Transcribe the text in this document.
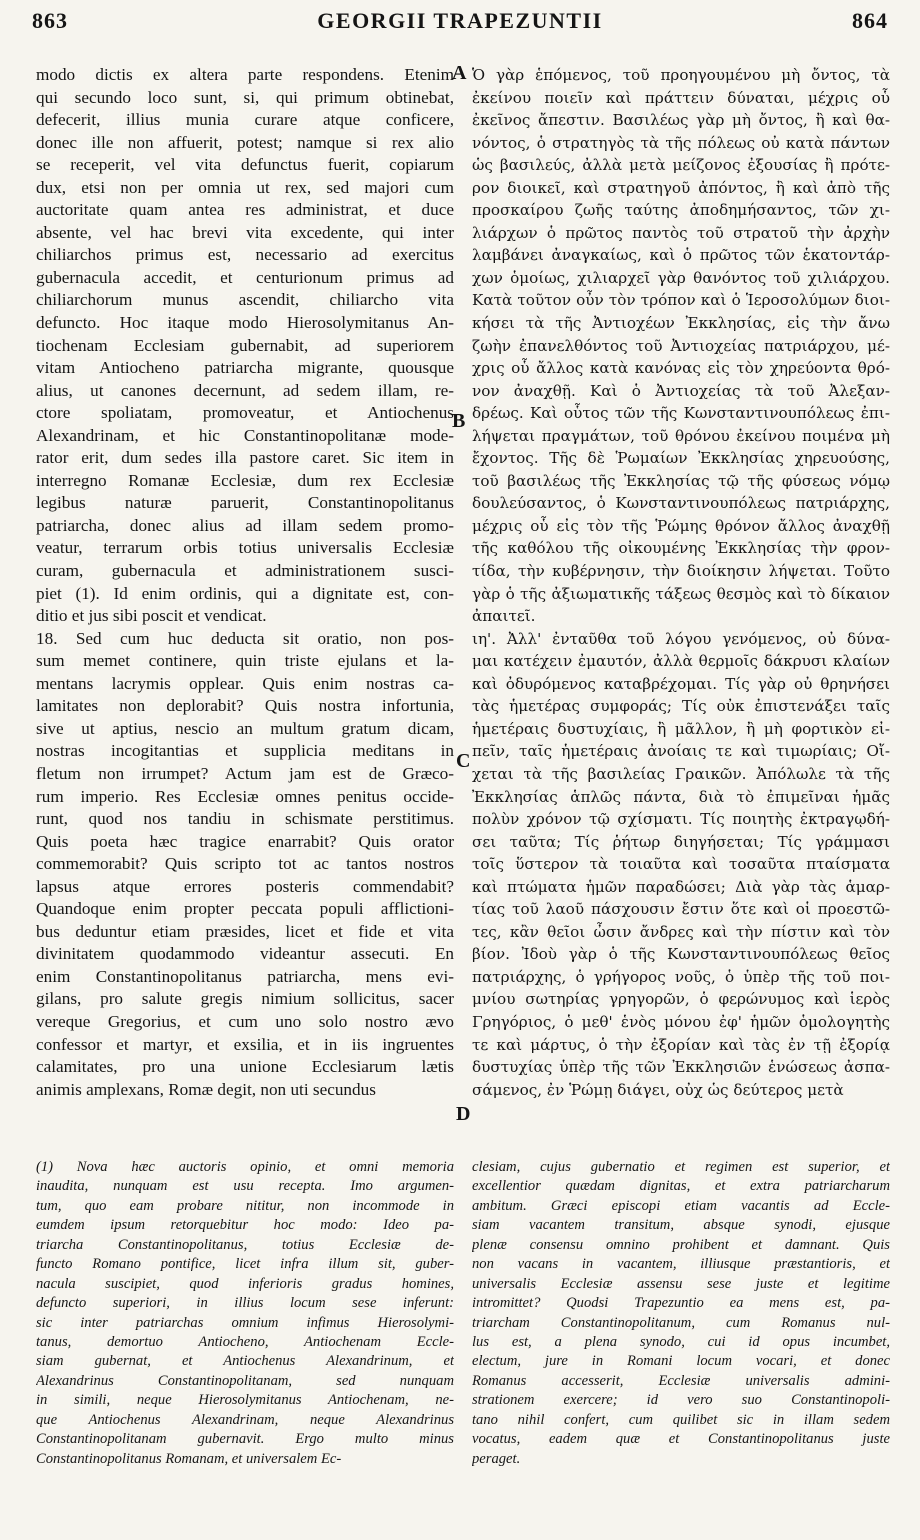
863	GEORGII TRAPEZUNTII	864
modo dictis ex altera parte respondens. Etenim
qui secundo loco sunt, si, qui primum obtinebat,
defecerit, illius munia curare atque conficere,
donec ille non affuerit, potest; namque si rex alio
se receperit, vel vita defunctus fuerit, copiarum
dux, etsi non per omnia ut rex, sed majori cum
auctoritate quam antea res administrat, et duce
absente, vel hac brevi vita excedente, qui inter
chiliarchos primus est, necessario ad exercitus
gubernacula accedit, et centurionum primus ad
chiliarchorum munus ascendit, chiliarcho vita
defuncto. Hoc itaque modo Hierosolymitanus An-
tiochenam Ecclesiam gubernabit, ad superiorem
vitam Antiocheno patriarcha migrante, quousque
alius, ut canones decernunt, ad sedem illam, re-
ctore spoliatam, promoveatur, et Antiochenus
Alexandrinam, et hic Constantinopolitanæ mode-
rator erit, dum sedes illa pastore caret. Sic item in
interregno Romanæ Ecclesiæ, dum rex Ecclesiæ
legibus naturæ paruerit, Constantinopolitanus
patriarcha, donec alius ad illam sedem promo-
veatur, terrarum orbis totius universalis Ecclesiæ
curam, gubernacula et administrationem susci-
piet (1). Id enim ordinis, qui a dignitate est, con-
ditio et jus sibi poscit et vendicat.
18. Sed cum huc deducta sit oratio, non pos-
sum memet continere, quin triste ejulans et la-
mentans lacrymis opplear. Quis enim nostras ca-
lamitates non deplorabit? Quis nostra infortunia,
sive ut aptius, nescio an multum gratum dicam,
nostras incogitantias et supplicia meditans in
fletum non irrumpet? Actum jam est de Græco-
rum imperio. Res Ecclesiæ omnes penitus occide-
runt, quod nos tandiu in schismate perstitimus.
Quis poeta hæc tragice enarrabit? Quis orator
commemorabit? Quis scripto tot ac tantos nostros
lapsus atque errores posteris commendabit?
Quandoque enim propter peccata populi afflictioni-
bus deduntur etiam præsides, licet et fide et vita
divinitatem quodammodo videantur assecuti. En
enim Constantinopolitanus patriarcha, mens evi-
gilans, pro salute gregis nimium sollicitus, sacer
vereque Gregorius, et cum uno solo nostro ævo
confessor et martyr, et exsilia, et in iis ingruentes
calamitates, pro una unione Ecclesiarum lætis
animis amplexans, Romæ degit, non uti secundus
Ὁ γὰρ ἑπόμενος, τοῦ προηγουμένου μὴ ὄντος, τὰ
ἐκείνου ποιεῖν καὶ πράττειν δύναται, μέχρις οὗ
ἐκεῖνος ἄπεστιν. Βασιλέως γὰρ μὴ ὄντος, ἢ καὶ θα-
νόντος, ὁ στρατηγὸς τὰ τῆς πόλεως οὐ κατὰ πάντων
ὡς βασιλεύς, ἀλλὰ μετὰ μείζονος ἐξουσίας ἢ πρότε-
ρον διοικεῖ, καὶ στρατηγοῦ ἀπόντος, ἢ καὶ ἀπὸ τῆς
προσκαίρου ζωῆς ταύτης ἀποδημήσαντος, τῶν χι-
λιάρχων ὁ πρῶτος παντὸς τοῦ στρατοῦ τὴν ἀρχὴν
λαμβάνει ἀναγκαίως, καὶ ὁ πρῶτος τῶν ἑκατοντάρ-
χων ὁμοίως, χιλιαρχεῖ γὰρ θανόντος τοῦ χιλιάρχου.
Κατὰ τοῦτον οὖν τὸν τρόπον καὶ ὁ Ἱεροσολύμων διοι-
κήσει τὰ τῆς Ἀντιοχέων Ἐκκλησίας, εἰς τὴν ἄνω
ζωὴν ἐπανελθόντος τοῦ Ἀντιοχείας πατριάρχου, μέ-
χρις οὗ ἄλλος κατὰ κανόνας εἰς τὸν χηρεύοντα θρό-
νον ἀναχθῇ. Καὶ ὁ Ἀντιοχείας τὰ τοῦ Ἀλεξαν-
δρέως. Καὶ οὗτος τῶν τῆς Κωνσταντινουπόλεως ἐπι-
λήψεται πραγμάτων, τοῦ θρόνου ἐκείνου ποιμένα μὴ
ἔχοντος. Τῆς δὲ Ῥωμαίων Ἐκκλησίας χηρευούσης,
τοῦ βασιλέως τῆς Ἐκκλησίας τῷ τῆς φύσεως νόμῳ
δουλεύσαντος, ὁ Κωνσταντινουπόλεως πατριάρχης,
μέχρις οὗ εἰς τὸν τῆς Ῥώμης θρόνον ἄλλος ἀναχθῇ
τῆς καθόλου τῆς οἰκουμένης Ἐκκλησίας τὴν φρον-
τίδα, τὴν κυβέρνησιν, τὴν διοίκησιν λήψεται. Τοῦτο
γὰρ ὁ τῆς ἀξιωματικῆς τάξεως θεσμὸς καὶ τὸ δίκαιον
ἀπαιτεῖ.
ιη'. Ἀλλ' ἐνταῦθα τοῦ λόγου γενόμενος, οὐ δύνα-
μαι κατέχειν ἐμαυτόν, ἀλλὰ θερμοῖς δάκρυσι κλαίων
καὶ ὀδυρόμενος καταβρέχομαι. Τίς γὰρ οὐ θρηνήσει
τὰς ἡμετέρας συμφοράς; Τίς οὐκ ἐπιστενάξει ταῖς
ἡμετέραις δυστυχίαις, ἢ μᾶλλον, ἢ μὴ φορτικὸν εἰ-
πεῖν, ταῖς ἡμετέραις ἀνοίαις τε καὶ τιμωρίαις; Οἴ-
χεται τὰ τῆς βασιλείας Γραικῶν. Ἀπόλωλε τὰ τῆς
Ἐκκλησίας ἁπλῶς πάντα, διὰ τὸ ἐπιμεῖναι ἡμᾶς
πολὺν χρόνον τῷ σχίσματι. Τίς ποιητὴς ἐκτραγῳδή-
σει ταῦτα; Τίς ῥήτωρ διηγήσεται; Τίς γράμμασι
τοῖς ὕστερον τὰ τοιαῦτα καὶ τοσαῦτα πταίσματα
καὶ πτώματα ἡμῶν παραδώσει; Διὰ γὰρ τὰς ἁμαρ-
τίας τοῦ λαοῦ πάσχουσιν ἔστιν ὅτε καὶ οἱ προεστῶ-
τες, κἂν θεῖοι ὦσιν ἄνδρες καὶ τὴν πίστιν καὶ τὸν
βίον. Ἰδοὺ γὰρ ὁ τῆς Κωνσταντινουπόλεως θεῖος
πατριάρχης, ὁ γρήγορος νοῦς, ὁ ὑπὲρ τῆς τοῦ ποι-
μνίου σωτηρίας γρηγορῶν, ὁ φερώνυμος καὶ ἱερὸς
Γρηγόριος, ὁ μεθ' ἑνὸς μόνου ἐφ' ἡμῶν ὁμολογητὴς
τε καὶ μάρτυς, ὁ τὴν ἐξορίαν καὶ τὰς ἐν τῇ ἐξορίᾳ
δυστυχίας ὑπὲρ τῆς τῶν Ἐκκλησιῶν ἑνώσεως ἀσπα-
σάμενος, ἐν Ῥώμῃ διάγει, οὐχ ὡς δεύτερος μετὰ
A
B
C
D
(1) Nova hæc auctoris opinio, et omni memoria
inaudita, nunquam est usu recepta. Imo argumen-
tum, quo eam probare nititur, non incommode in
eumdem ipsum retorquebitur hoc modo: Ideo pa-
triarcha Constantinopolitanus, totius Ecclesiæ de-
functo Romano pontifice, licet infra illum sit, guber-
nacula suscipiet, quod inferioris gradus homines,
defuncto superiori, in illius locum sese inferunt:
sic inter patriarchas omnium infimus Hierosolymi-
tanus, demortuo Antiocheno, Antiochenam Eccle-
siam gubernat, et Antiochenus Alexandrinum, et
Alexandrinus Constantinopolitanam, sed nunquam
in simili, neque Hierosolymitanus Antiochenam, ne-
que Antiochenus Alexandrinam, neque Alexandrinus
Constantinopolitanam gubernavit. Ergo multo minus
Constantinopolitanus Romanam, et universalem Ec-
clesiam, cujus gubernatio et regimen est superior, et
excellentior quædam dignitas, et extra patriarcharum
ambitum. Græci episcopi etiam vacantis ad Eccle-
siam vacantem transitum, absque synodi, ejusque
plenæ consensu omnino prohibent et damnant. Quis
non vacans in vacantem, illiusque præstantioris, et
universalis Ecclesiæ assensu sese juste et legitime
intromittet? Quodsi Trapezuntio ea mens est, pa-
triarcham Constantinopolitanum, cum Romanus nul-
lus est, a plena synodo, cui id opus incumbet,
electum, jure in Romani locum vocari, et donec
Romanus accesserit, Ecclesiæ universalis admini-
strationem exercere; id vero suo Constantinopoli-
tano nihil confert, cum quilibet sic in illam sedem
vocatus, eadem quæ et Constantinopolitanus juste
peraget.
